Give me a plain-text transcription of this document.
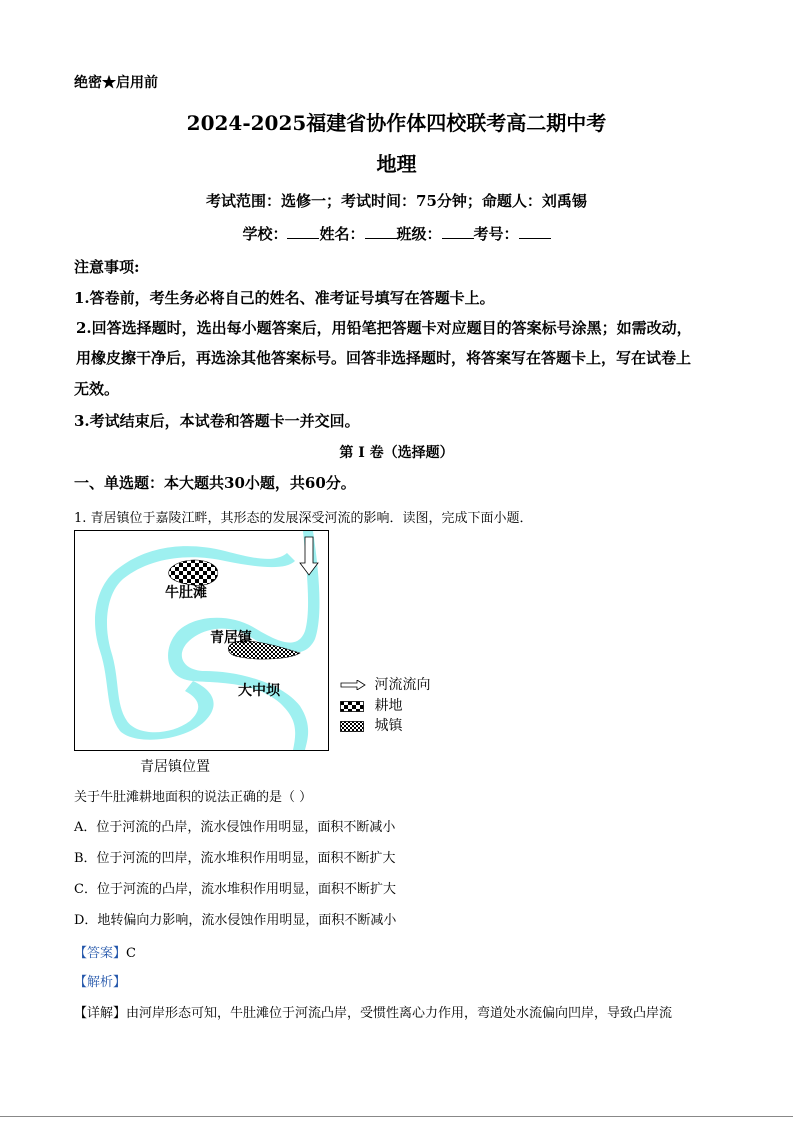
绝密★启用前
2024-2025福建省协作体四校联考高二期中考
地理
考试范围：选修一；考试时间：75分钟；命题人：刘禹锡
学校： 姓名： 班级： 考号：
注意事项:
1.答卷前，考生务必将自己的姓名、准考证号填写在答题卡上。
2.回答选择题时，选出每小题答案后，用铅笔把答题卡对应题目的答案标号涂黑；如需改动，
用橡皮擦干净后，再选涂其他答案标号。回答非选择题时，将答案写在答题卡上，写在试卷上
无效。
3.考试结束后，本试卷和答题卡一并交回。
第 I 卷（选择题）
一、单选题：本大题共30小题，共60分。
1. 青居镇位于嘉陵江畔，其形态的发展深受河流的影响．读图，完成下面小题．
牛肚滩
青居镇
大中坝
青居镇位置
河流流向
耕地
城镇
关于牛肚滩耕地面积的说法正确的是（ ）
A．位于河流的凸岸，流水侵蚀作用明显，面积不断减小
B．位于河流的凹岸，流水堆积作用明显，面积不断扩大
C．位于河流的凸岸，流水堆积作用明显，面积不断扩大
D．地转偏向力影响，流水侵蚀作用明显，面积不断减小
【答案】C
【解析】
【详解】由河岸形态可知，牛肚滩位于河流凸岸，受惯性离心力作用，弯道处水流偏向凹岸，导致凸岸流
